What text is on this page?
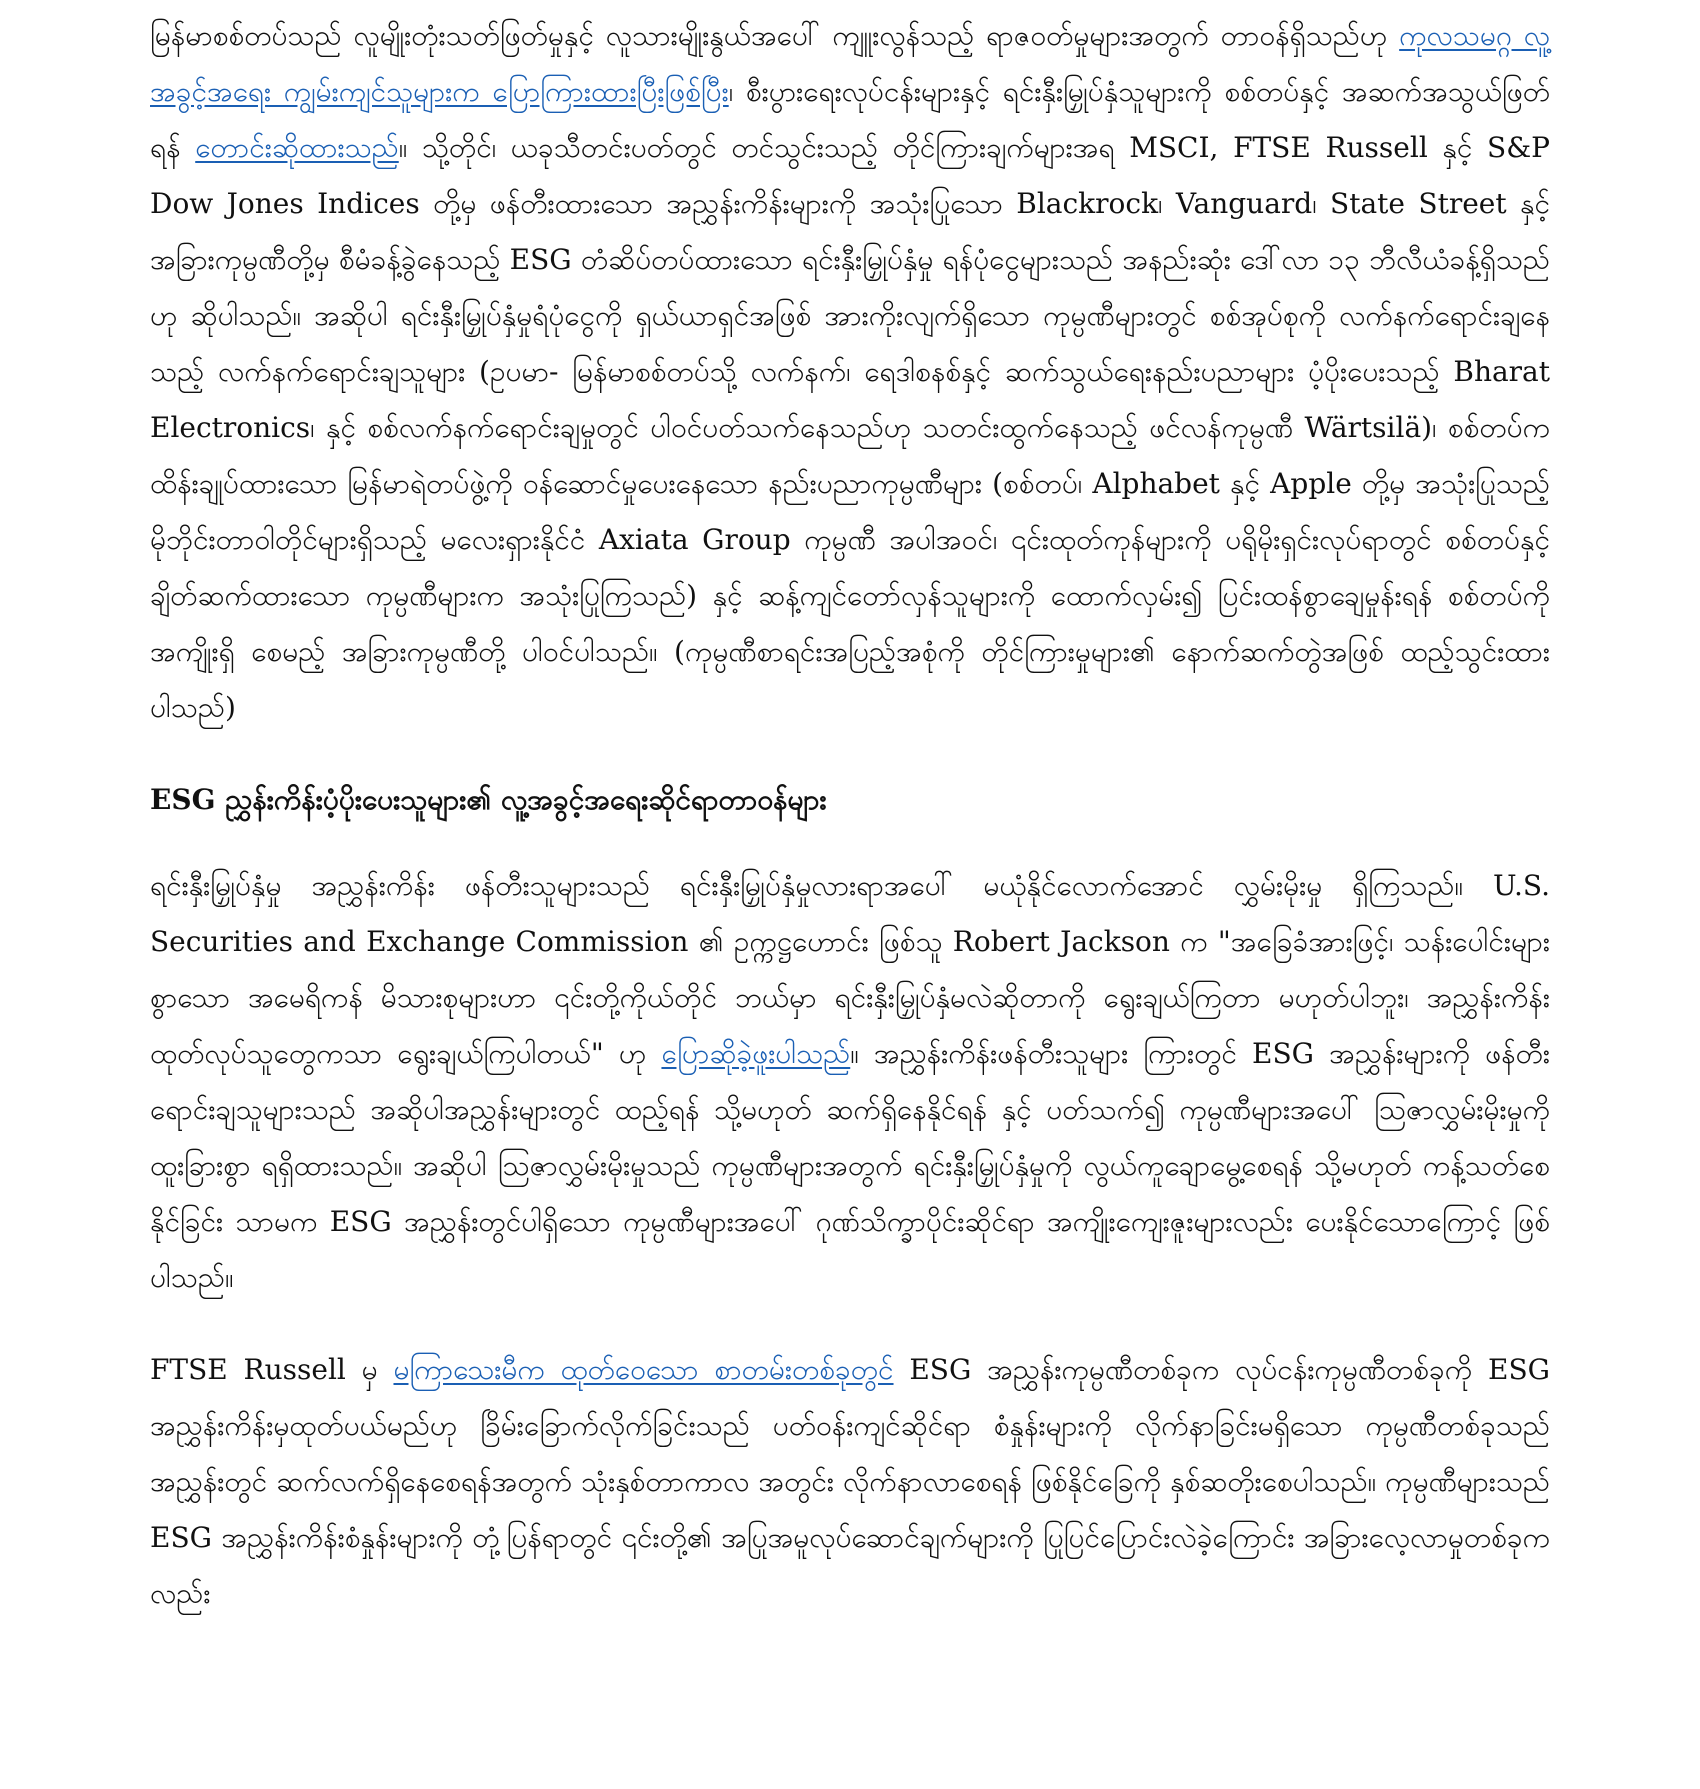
မြန်မာစစ်တပ်သည် လူမျိုးတုံးသတ်ဖြတ်မှုနှင့် လူသားမျိုးနွယ်အပေါ် ကျူးလွန်သည့် ရာဇဝတ်မှုများအတွက် တာဝန်ရှိသည်ဟု ကုလသမဂ္ဂ လူ့အခွင့်အရေး ကျွမ်းကျင်သူများက ပြောကြားထားပြီးဖြစ်ပြီး၊ စီးပွားရေးလုပ်ငန်းများနှင့် ရင်းနှီးမြှုပ်နှံသူများကို စစ်တပ်နှင့် အဆက်အသွယ်ဖြတ်ရန် တောင်းဆိုထားသည်။ သို့တိုင်၊ ယခုသီတင်းပတ်တွင် တင်သွင်းသည့် တိုင်ကြားချက်များအရ MSCI, FTSE Russell နှင့် S&P Dow Jones Indices တို့မှ ဖန်တီးထားသော အညွှန်းကိန်းများကို အသုံးပြုသော Blackrock၊ Vanguard၊ State Street နှင့် အခြားကုမ္ပဏီတို့မှ စီမံခန့်ခွဲနေသည့် ESG တံဆိပ်တပ်ထားသော ရင်းနှီးမြှုပ်နှံမှု ရန်ပုံငွေများသည် အနည်းဆုံး ဒေါ်လာ ၁၃ ဘီလီယံခန့်ရှိသည်ဟု ဆိုပါသည်။ အဆိုပါ ရင်းနှီးမြှုပ်နှံမှုရံပုံငွေကို ရှယ်ယာရှင်အဖြစ် အားကိုးလျက်ရှိသော ကုမ္ပဏီများတွင် စစ်အုပ်စုကို လက်နက်ရောင်းချနေသည့် လက်နက်ရောင်းချသူများ (ဥပမာ- မြန်မာစစ်တပ်သို့ လက်နက်၊ ရေဒါစနစ်နှင့် ဆက်သွယ်ရေးနည်းပညာများ ပံ့ပိုးပေးသည့် Bharat Electronics၊ နှင့် စစ်လက်နက်ရောင်းချမှုတွင် ပါဝင်ပတ်သက်နေသည်ဟု သတင်းထွက်နေသည့် ဖင်လန်ကုမ္ပဏီ Wärtsilä)၊ စစ်တပ်က ထိန်းချုပ်ထားသော မြန်မာရဲတပ်ဖွဲ့ကို ဝန်ဆောင်မှုပေးနေသော နည်းပညာကုမ္ပဏီများ (စစ်တပ်၊ Alphabet နှင့် Apple တို့မှ အသုံးပြုသည့် မိုဘိုင်းတာဝါတိုင်များရှိသည့် မလေးရှားနိုင်ငံ Axiata Group ကုမ္ပဏီ အပါအဝင်၊ ၎င်းထုတ်ကုန်များကို ပရိုမိုးရှင်းလုပ်ရာတွင် စစ်တပ်နှင့်ချိတ်ဆက်ထားသော ကုမ္ပဏီများက အသုံးပြုကြသည်) နှင့် ဆန့်ကျင်တော်လှန်သူများကို ထောက်လှမ်း၍ ပြင်းထန်စွာချေမှုန်းရန် စစ်တပ်ကို အကျိုးရှိ စေမည့် အခြားကုမ္ပဏီတို့ ပါဝင်ပါသည်။ (ကုမ္ပဏီစာရင်းအပြည့်အစုံကို တိုင်ကြားမှုများ၏ နောက်ဆက်တွဲအဖြစ် ထည့်သွင်းထားပါသည်)

ESG ညွှန်းကိန်းပံ့ပိုးပေးသူများ၏ လူ့အခွင့်အရေးဆိုင်ရာတာဝန်များ

ရင်းနှီးမြှုပ်နှံမှု အညွှန်းကိန်း ဖန်တီးသူများသည် ရင်းနှီးမြှုပ်နှံမှုလားရာအပေါ် မယုံနိုင်လောက်အောင် လွှမ်းမိုးမှု ရှိကြသည်။ U.S. Securities and Exchange Commission ၏ ဥက္ကဋ္ဌဟောင်း ဖြစ်သူ Robert Jackson က "အခြေခံအားဖြင့်၊ သန်းပေါင်းများစွာသော အမေရိကန် မိသားစုများဟာ ၎င်းတို့ကိုယ်တိုင် ဘယ်မှာ ရင်းနှီးမြှုပ်နှံမလဲဆိုတာကို ရွေးချယ်ကြတာ မဟုတ်ပါဘူး၊ အညွှန်းကိန်း ထုတ်လုပ်သူတွေကသာ ရွေးချယ်ကြပါတယ်" ဟု ပြောဆိုခဲ့ဖူးပါသည်။ အညွှန်းကိန်းဖန်တီးသူများ ကြားတွင် ESG အညွှန်းများကို ဖန်တီးရောင်းချသူများသည် အဆိုပါအညွှန်းများတွင် ထည့်ရန် သို့မဟုတ် ဆက်ရှိနေနိုင်ရန် နှင့် ပတ်သက်၍ ကုမ္ပဏီများအပေါ် ဩဇာလွှမ်းမိုးမှုကို ထူးခြားစွာ ရရှိထားသည်။ အဆိုပါ ဩဇာလွှမ်းမိုးမှုသည် ကုမ္ပဏီများအတွက် ရင်းနှီးမြှုပ်နှံမှုကို လွယ်ကူချောမွေ့စေရန် သို့မဟုတ် ကန့်သတ်စေနိုင်ခြင်း သာမက ESG အညွှန်းတွင်ပါရှိသော ကုမ္ပဏီများအပေါ် ဂုဏ်သိက္ခာပိုင်းဆိုင်ရာ အကျိုးကျေးဇူးများလည်း ပေးနိုင်သောကြောင့် ဖြစ်ပါသည်။

FTSE Russell မှ မကြာသေးမီက ထုတ်ဝေသော စာတမ်းတစ်ခုတွင် ESG အညွှန်းကုမ္ပဏီတစ်ခုက လုပ်ငန်းကုမ္ပဏီတစ်ခုကို ESG အညွှန်းကိန်းမှထုတ်ပယ်မည်ဟု ခြိမ်းခြောက်လိုက်ခြင်းသည် ပတ်ဝန်းကျင်ဆိုင်ရာ စံနှုန်းများကို လိုက်နာခြင်းမရှိသော ကုမ္ပဏီတစ်ခုသည် အညွှန်းတွင် ဆက်လက်ရှိနေစေရန်အတွက် သုံးနှစ်တာကာလ အတွင်း လိုက်နာလာစေရန် ဖြစ်နိုင်ခြေကို နှစ်ဆတိုးစေပါသည်။ ကုမ္ပဏီများသည် ESG အညွှန်းကိန်းစံနှုန်းများကို တုံ့ပြန်ရာတွင် ၎င်းတို့၏ အပြုအမူလုပ်ဆောင်ချက်များကို ပြုပြင်ပြောင်းလဲခဲ့ကြောင်း အခြားလေ့လာမှုတစ်ခုကလည်း
